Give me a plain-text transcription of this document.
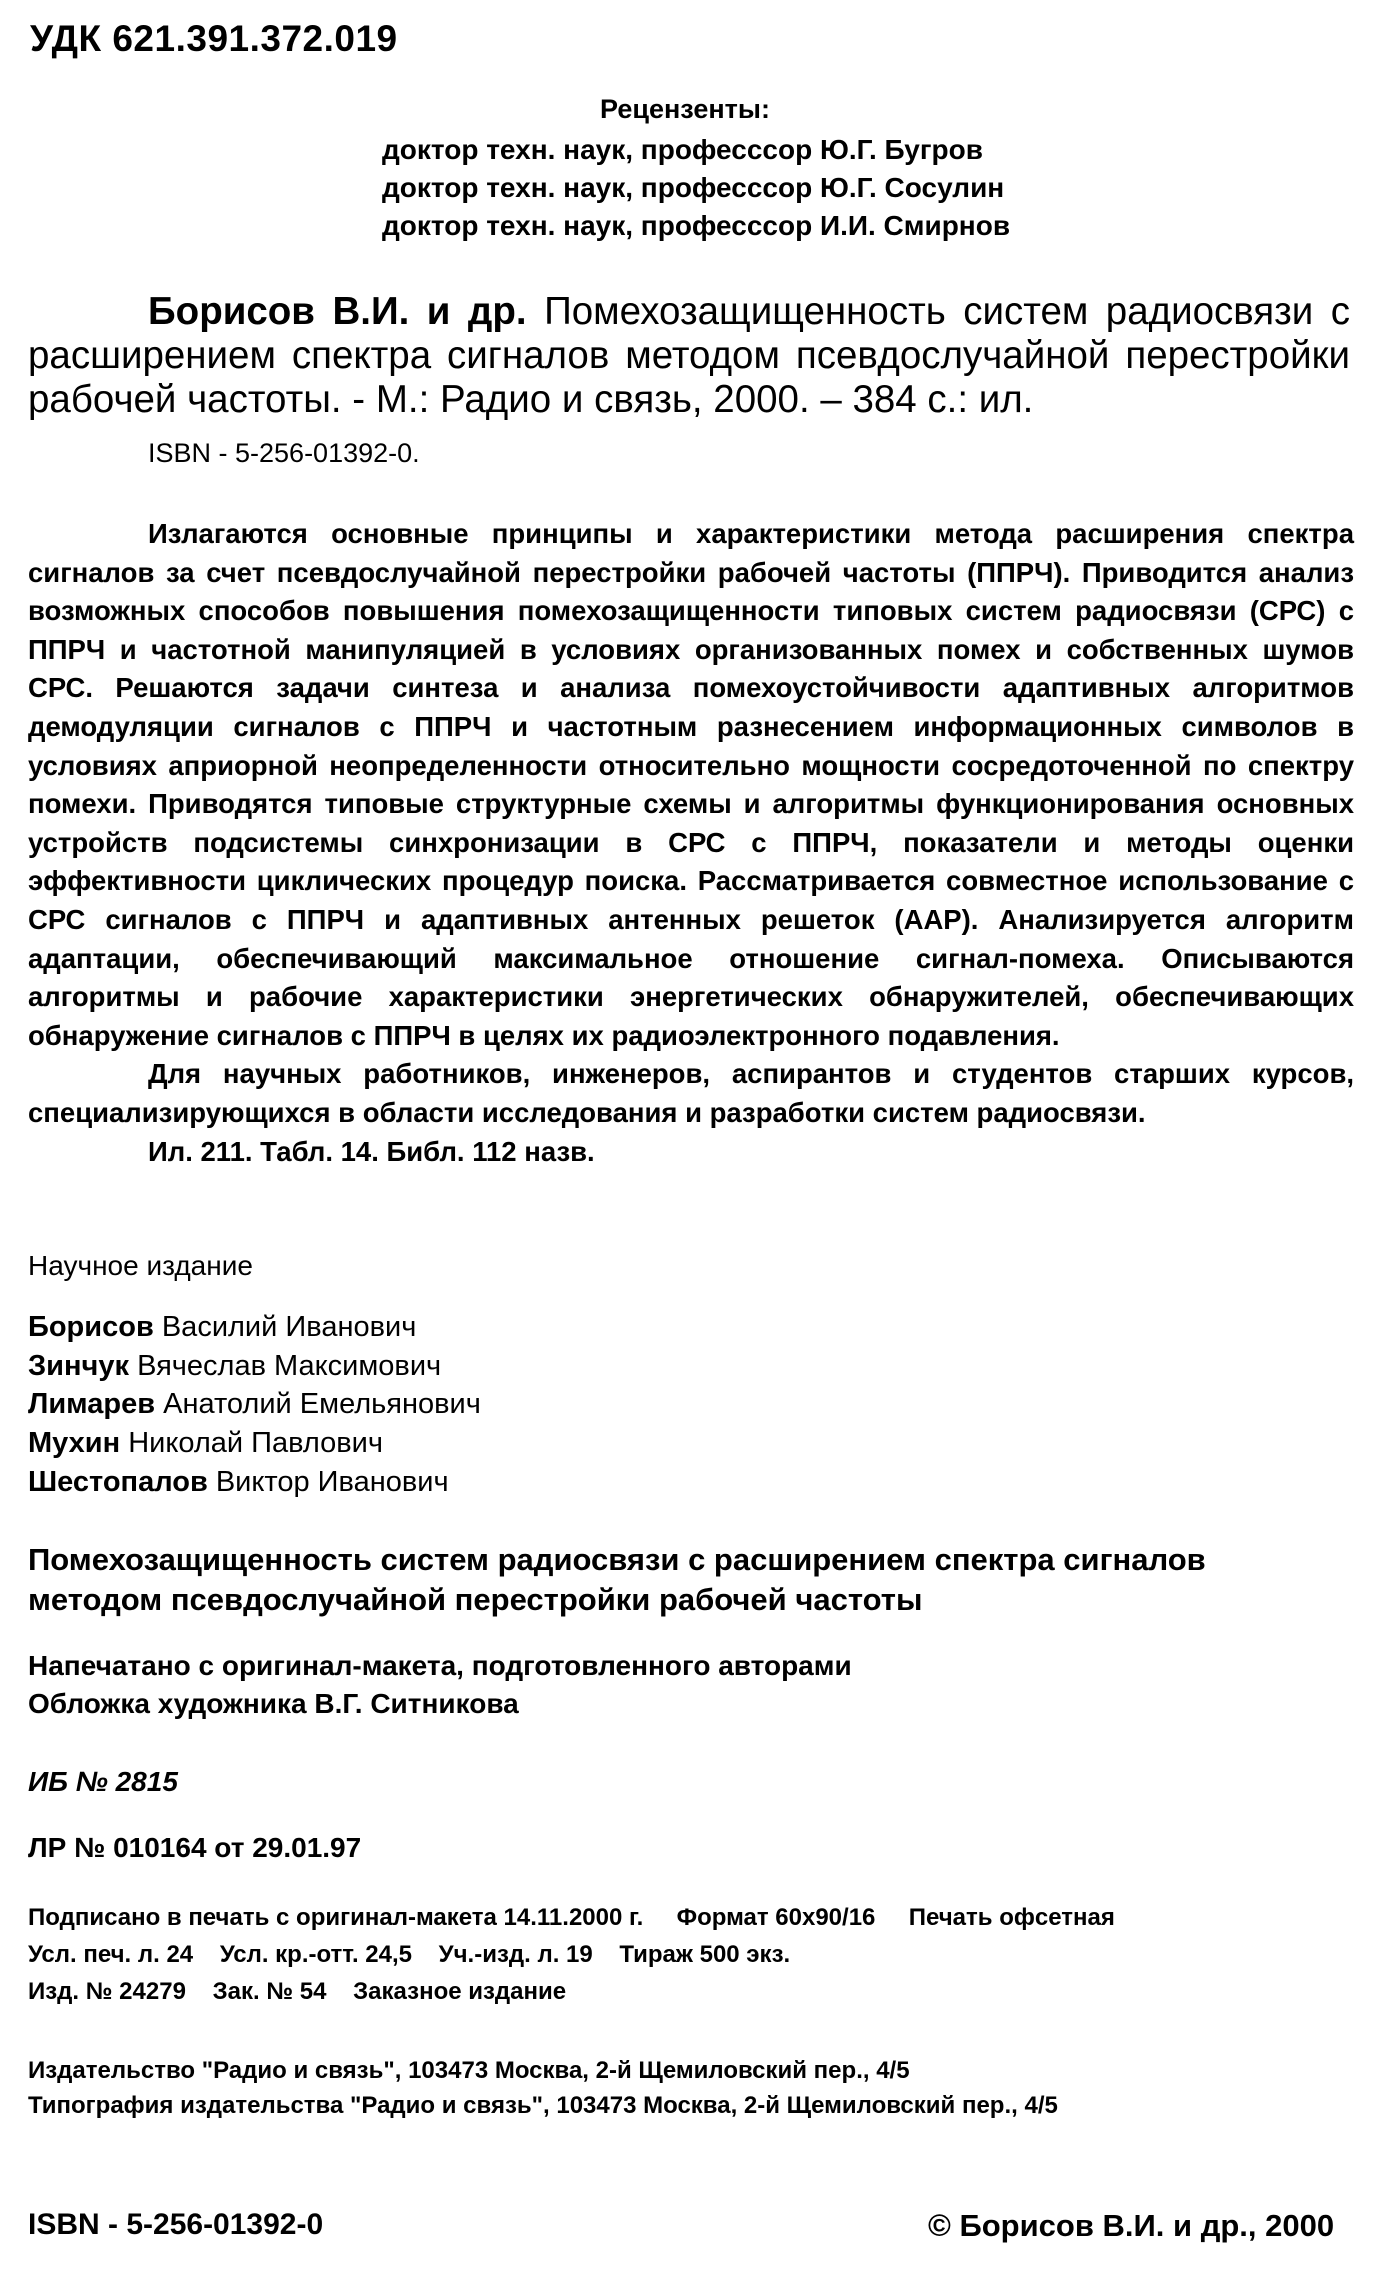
УДК 621.391.372.019
Рецензенты:
доктор техн. наук, професссор Ю.Г. Бугров
доктор техн. наук, професссор Ю.Г. Сосулин
доктор техн. наук, професссор И.И. Смирнов
Борисов В.И. и др. Помехозащищенность систем радиосвязи с расширением спектра сигналов методом псевдослучайной перестройки рабочей частоты. - М.: Радио и связь, 2000. – 384 с.: ил.
ISBN - 5-256-01392-0.

Излагаются основные принципы и характеристики метода расширения спектра сигналов за счет псевдослучайной перестройки рабочей частоты (ППРЧ). Приводится анализ возможных способов повышения помехозащищенности типовых систем радиосвязи (СРС) с ППРЧ и частотной манипуляцией в условиях организованных помех и собственных шумов СРС. Решаются задачи синтеза и анализа помехоустойчивости адаптивных алгоритмов демодуляции сигналов с ППРЧ и частотным разнесением информационных символов в условиях априорной неопределенности относительно мощности сосредоточенной по спектру помехи. Приводятся типовые структурные схемы и алгоритмы функционирования основных устройств подсистемы синхронизации в СРС с ППРЧ, показатели и методы оценки эффективности циклических процедур поиска. Рассматривается совместное использование с СРС сигналов с ППРЧ и адаптивных антенных решеток (ААР). Анализируется алгоритм адаптации, обеспечивающий максимальное отношение сигнал-помеха. Описываются алгоритмы и рабочие характеристики энергетических обнаружителей, обеспечивающих обнаружение сигналов с ППРЧ в целях их радиоэлектронного подавления.

Для научных работников, инженеров, аспирантов и студентов старших курсов, специализирующихся в области исследования и разработки систем радиосвязи.

Ил. 211. Табл. 14. Библ. 112 назв.

Научное издание
Борисов Василий Иванович
Зинчук Вячеслав Максимович
Лимарев Анатолий Емельянович
Мухин Николай Павлович
Шестопалов Виктор Иванович
Помехозащищенность систем радиосвязи с расширением спектра сигналов методом псевдослучайной перестройки рабочей частоты
Напечатано с оригинал-макета, подготовленного авторами
Обложка художника В.Г. Ситникова
ИБ № 2815
ЛР № 010164 от 29.01.97
Подписано в печать с оригинал-макета 14.11.2000 г.     Формат 60x90/16     Печать офсетная
Усл. печ. л. 24    Усл. кр.-отт. 24,5    Уч.-изд. л. 19    Тираж 500 экз.
Изд. № 24279    Зак. № 54    Заказное издание
Издательство "Радио и связь", 103473 Москва, 2-й Щемиловский пер., 4/5
Типография издательства "Радио и связь", 103473 Москва, 2-й Щемиловский пер., 4/5
ISBN - 5-256-01392-0	© Борисов В.И. и др., 2000
